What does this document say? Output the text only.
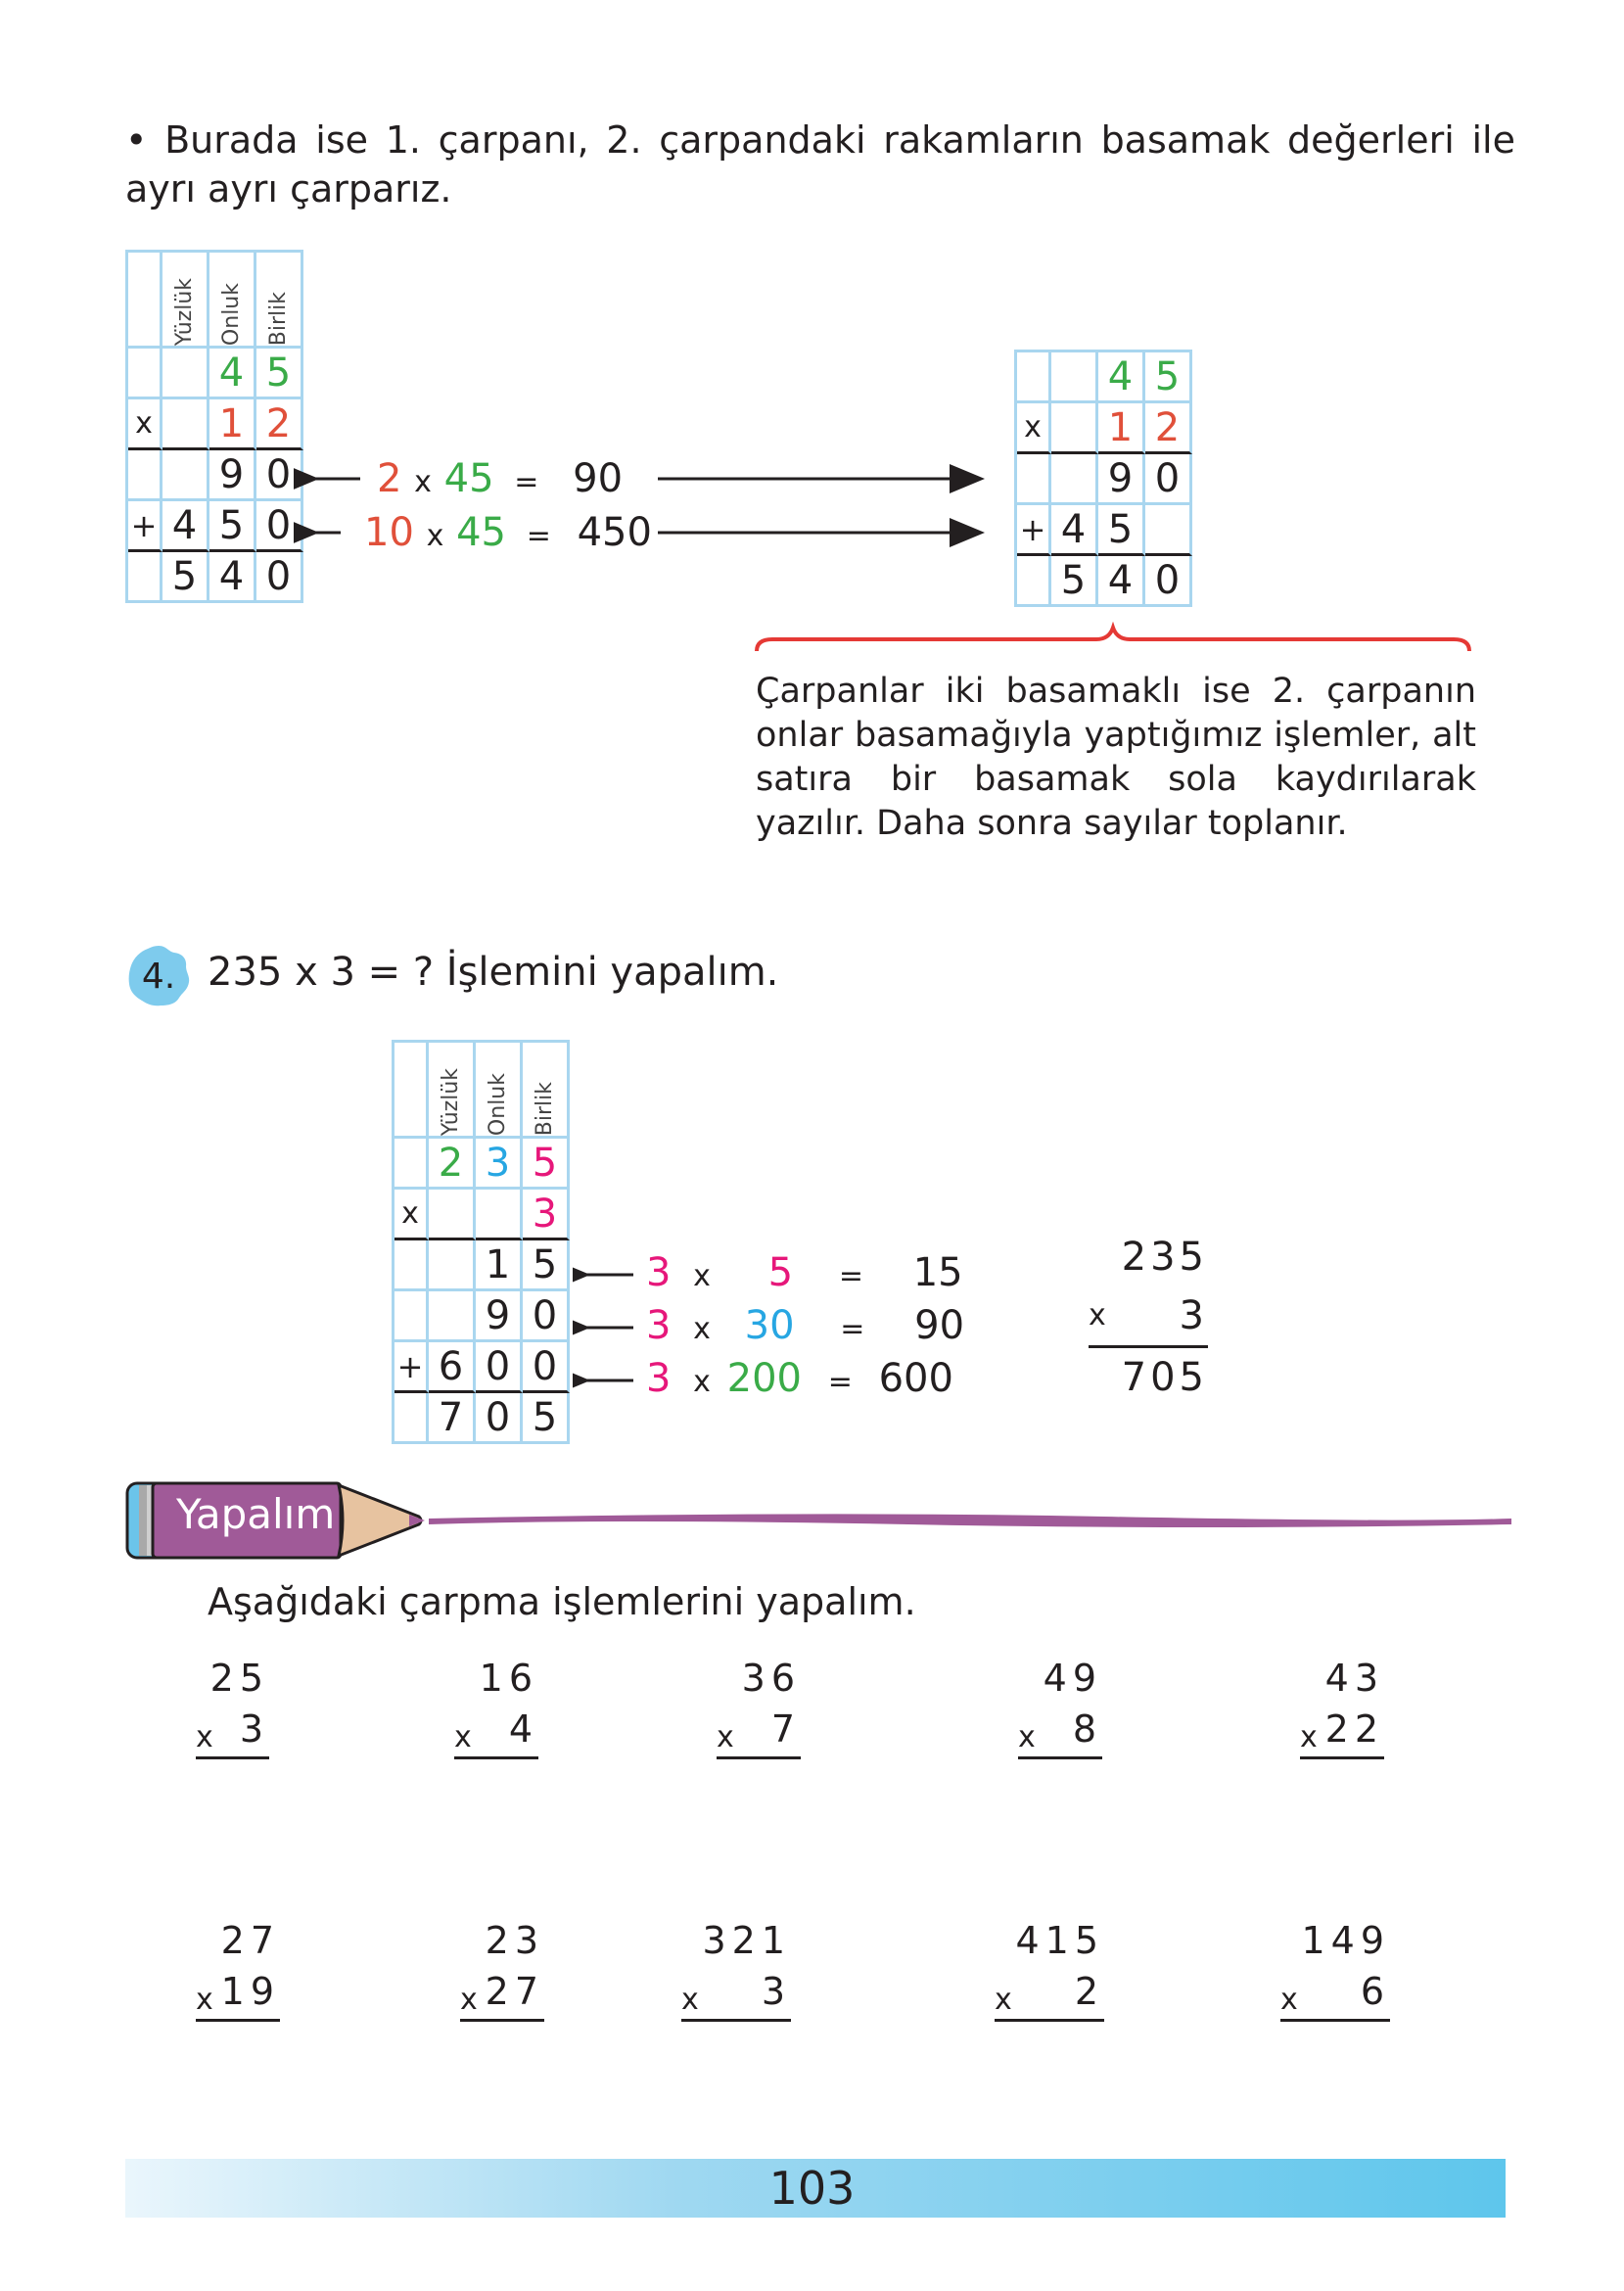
• Burada ise 1. çarpanı, 2. çarpandaki rakamların basamak değerleri ile ayrı ayrı çarparız.
Yüzlük Onluk Birlik
4 5
x 1 2
9 0
+ 4 5 0
5 4 0
2 x 45 = 90
10 x 45 = 450
4 5
x 1 2
9 0
+ 4 5
5 4 0
Çarpanlar iki basamaklı ise 2. çarpanın onlar basamağıyla yaptığımız işlemler, alt satıra bir basamak sola kaydırılarak yazılır. Daha sonra sayılar toplanır.
4. 235 x 3 = ? İşlemini yapalım.
Yüzlük Onluk Birlik
2 3 5
x	3
1 5
9 0
+ 6 0 0
7 0 5
3 x 5 = 15
3 x 30 = 90
3 x 200 = 600
235
x 3
705
Yapalım
Aşağıdaki çarpma işlemlerini yapalım.
25
x 3
16
x 4
36
x 7
49
x 8
43
x 22
27
x 19
23
x 27
321
x 3
415
x 2
149
x 6
103
